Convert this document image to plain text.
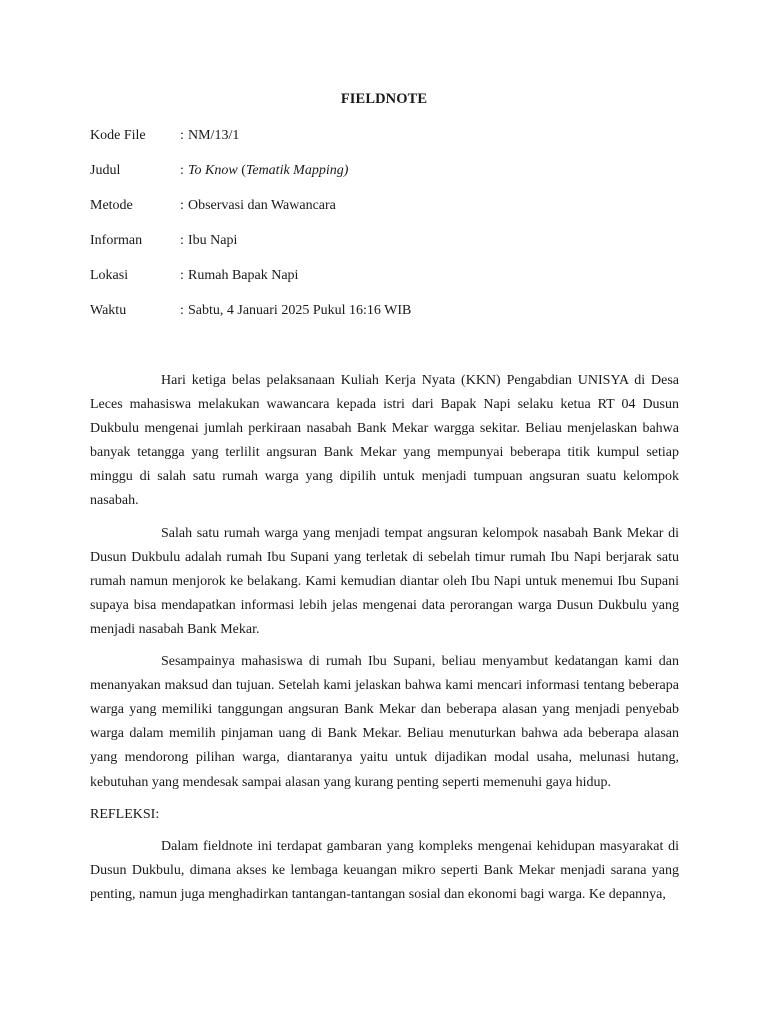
FIELDNOTE
Kode File	: NM/13/1
Judul	: To Know (Tematik Mapping)
Metode	: Observasi dan Wawancara
Informan	: Ibu Napi
Lokasi	: Rumah Bapak Napi
Waktu	: Sabtu, 4 Januari 2025 Pukul 16:16 WIB

Hari ketiga belas pelaksanaan Kuliah Kerja Nyata (KKN) Pengabdian UNISYA di Desa Leces mahasiswa melakukan wawancara kepada istri dari Bapak Napi selaku ketua RT 04 Dusun Dukbulu mengenai jumlah perkiraan nasabah Bank Mekar wargga sekitar. Beliau menjelaskan bahwa banyak tetangga yang terlilit angsuran Bank Mekar yang mempunyai beberapa titik kumpul setiap minggu di salah satu rumah warga yang dipilih untuk menjadi tumpuan angsuran suatu kelompok nasabah.

Salah satu rumah warga yang menjadi tempat angsuran kelompok nasabah Bank Mekar di Dusun Dukbulu adalah rumah Ibu Supani yang terletak di sebelah timur rumah Ibu Napi berjarak satu rumah namun menjorok ke belakang. Kami kemudian diantar oleh Ibu Napi untuk menemui Ibu Supani supaya bisa mendapatkan informasi lebih jelas mengenai data perorangan warga Dusun Dukbulu yang menjadi nasabah Bank Mekar.

Sesampainya mahasiswa di rumah Ibu Supani, beliau menyambut kedatangan kami dan menanyakan maksud dan tujuan. Setelah kami jelaskan bahwa kami mencari informasi tentang beberapa warga yang memiliki tanggungan angsuran Bank Mekar dan beberapa alasan yang menjadi penyebab warga dalam memilih pinjaman uang di Bank Mekar. Beliau menuturkan bahwa ada beberapa alasan yang mendorong pilihan warga, diantaranya yaitu untuk dijadikan modal usaha, melunasi hutang, kebutuhan yang mendesak sampai alasan yang kurang penting seperti memenuhi gaya hidup.

REFLEKSI:

Dalam fieldnote ini terdapat gambaran yang kompleks mengenai kehidupan masyarakat di Dusun Dukbulu, dimana akses ke lembaga keuangan mikro seperti Bank Mekar menjadi sarana yang penting, namun juga menghadirkan tantangan-tantangan sosial dan ekonomi bagi warga. Ke depannya,
